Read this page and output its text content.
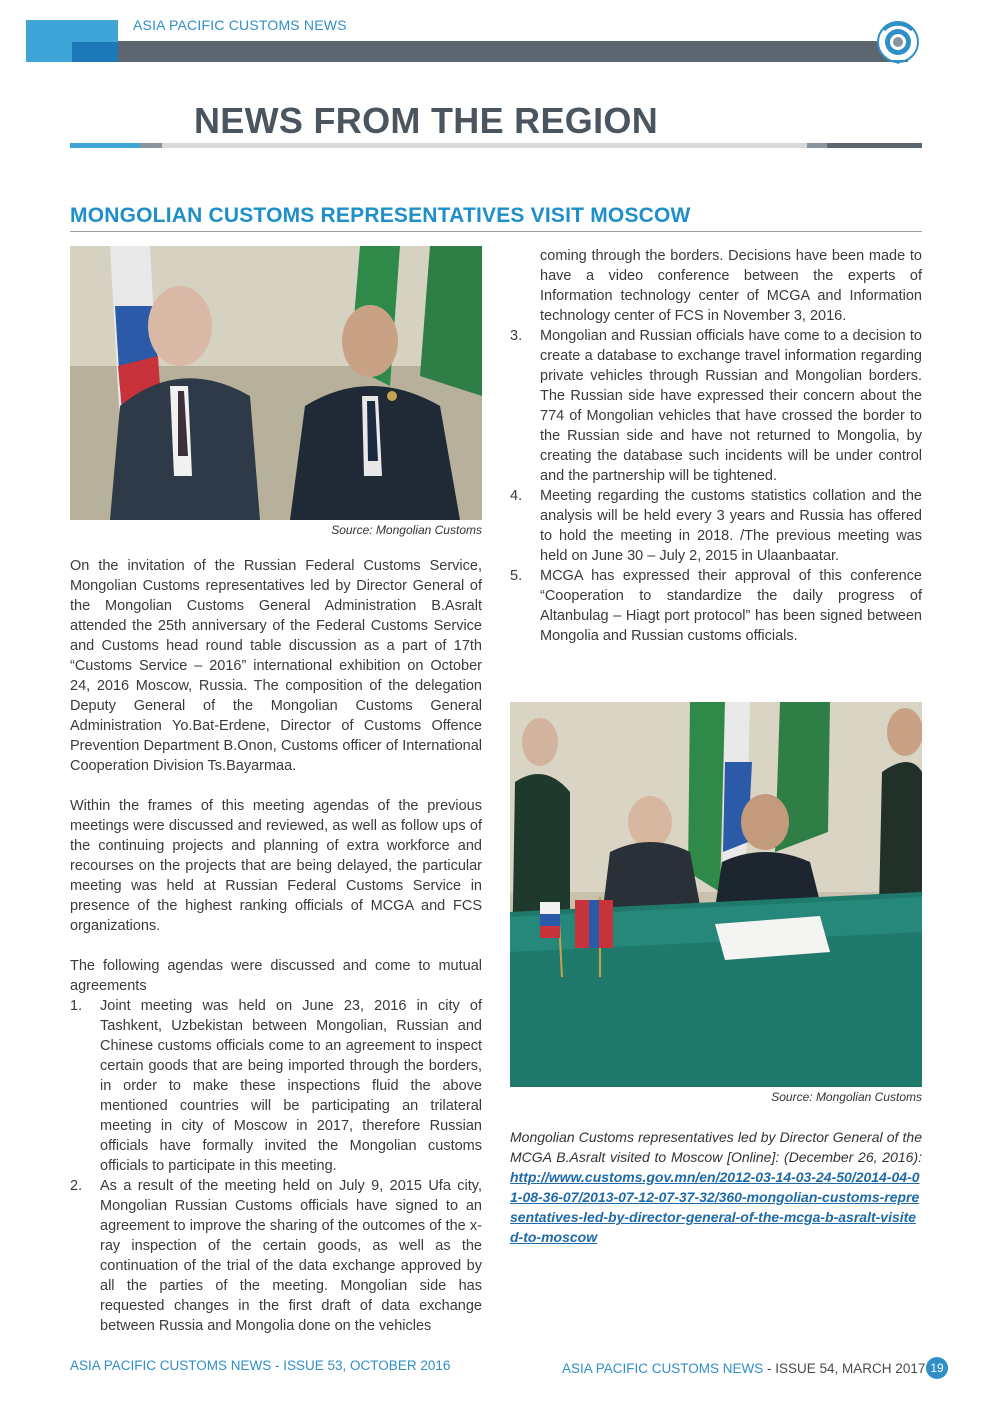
ASIA PACIFIC CUSTOMS NEWS
NEWS FROM THE REGION
MONGOLIAN CUSTOMS REPRESENTATIVES VISIT MOSCOW
Source: Mongolian Customs

On the invitation of the Russian Federal Customs Service, Mongolian Customs representatives led by Director General of the Mongolian Customs General Administration B.Asralt attended the 25th anniversary of the Federal Customs Service and Customs head round table discussion as a part of 17th “Customs Service – 2016” international exhibition on October 24, 2016 Moscow, Russia. The composition of the delegation Deputy General of the Mongolian Customs General Administration Yo.Bat-Erdene, Director of Customs Offence Prevention Department B.Onon, Customs officer of International Cooperation Division Ts.Bayarmaa.

Within the frames of this meeting agendas of the previous meetings were discussed and reviewed, as well as follow ups of the continuing projects and planning of extra workforce and recourses on the projects that are being delayed, the particular meeting was held at Russian Federal Customs Service in presence of the highest ranking officials of MCGA and FCS organizations.

The following agendas were discussed and come to mutual agreements

1. Joint meeting was held on June 23, 2016 in city of Tashkent, Uzbekistan between Mongolian, Russian and Chinese customs officials come to an agreement to inspect certain goods that are being imported through the borders, in order to make these inspections fluid the above mentioned countries will be participating an trilateral meeting in city of Moscow in 2017, therefore Russian officials have formally invited the Mongolian customs officials to participate in this meeting.
2. As a result of the meeting held on July 9, 2015 Ufa city, Mongolian Russian Customs officials have signed to an agreement to improve the sharing of the outcomes of the x-ray inspection of the certain goods, as well as the continuation of the trial of the data exchange approved by all the parties of the meeting. Mongolian side has requested changes in the first draft of data exchange between Russia and Mongolia done on the vehicles
coming through the borders. Decisions have been made to have a video conference between the experts of Information technology center of MCGA and Information technology center of FCS in November 3, 2016.
3. Mongolian and Russian officials have come to a decision to create a database to exchange travel information regarding private vehicles through Russian and Mongolian borders. The Russian side have expressed their concern about the 774 of Mongolian vehicles that have crossed the border to the Russian side and have not returned to Mongolia, by creating the database such incidents will be under control and the partnership will be tightened.
4. Meeting regarding the customs statistics collation and the analysis will be held every 3 years and Russia has offered to hold the meeting in 2018. /The previous meeting was held on June 30 – July 2, 2015 in Ulaanbaatar.
5. MCGA has expressed their approval of this conference “Cooperation to standardize the daily progress of Altanbulag – Hiagt port protocol” has been signed between Mongolia and Russian customs officials.
Source: Mongolian Customs
Mongolian Customs representatives led by Director General of the MCGA B.Asralt visited to Moscow [Online]: (December 26, 2016): http://www.customs.gov.mn/en/2012-03-14-03-24-50/2014-04-01-08-36-07/2013-07-12-07-37-32/360-mongolian-customs-representatives-led-by-director-general-of-the-mcga-b-asralt-visited-to-moscow
ASIA PACIFIC CUSTOMS NEWS - ISSUE 53, OCTOBER 2016	ASIA PACIFIC CUSTOMS NEWS - ISSUE 54, MARCH 2017 19
